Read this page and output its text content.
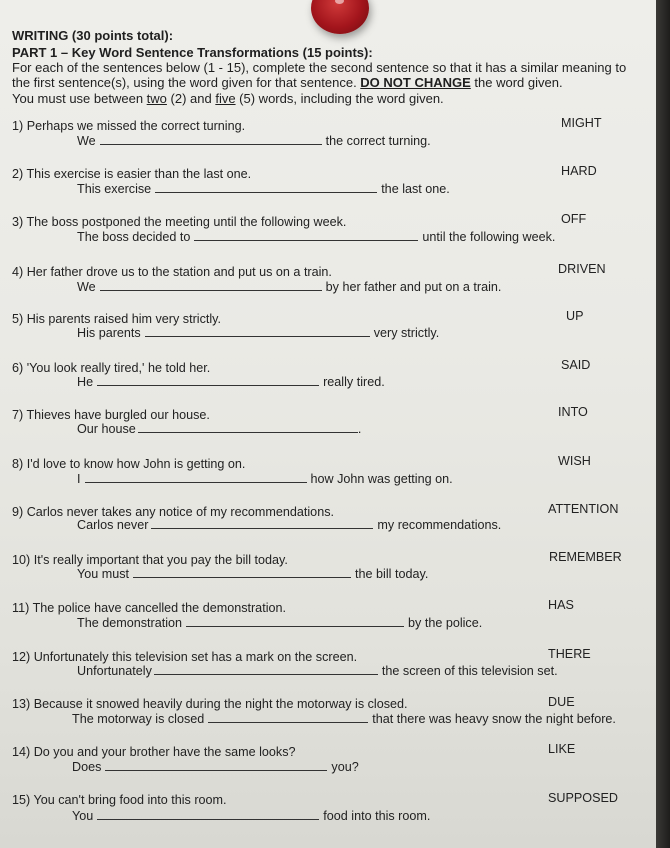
WRITING (30 points total):
PART 1 – Key Word Sentence Transformations (15 points):
For each of the sentences below (1 - 15), complete the second sentence so that it has a similar meaning to
the first sentence(s), using the word given for that sentence. DO NOT CHANGE the word given.
You must use between two (2) and five (5) words, including the word given.
1) Perhaps we missed the correct turning.	MIGHT
We	the correct turning.
2) This exercise is easier than the last one.	HARD
This exercise	the last one.
3) The boss postponed the meeting until the following week.	OFF
The boss decided to	until the following week.
4) Her father drove us to the station and put us on a train.	DRIVEN
We	by her father and put on a train.
5) His parents raised him very strictly.	UP
His parents	very strictly.
6) 'You look really tired,' he told her.	SAID
He	really tired.
7) Thieves have burgled our house.	INTO
Our house	.
8) I'd love to know how John is getting on.	WISH
I	how John was getting on.
9) Carlos never takes any notice of my recommendations.	ATTENTION
Carlos never	my recommendations.
10) It's really important that you pay the bill today.	REMEMBER
You must	the bill today.
11) The police have cancelled the demonstration.	HAS
The demonstration	by the police.
12) Unfortunately this television set has a mark on the screen.	THERE
Unfortunately	the screen of this television set.
13) Because it snowed heavily during the night the motorway is closed.	DUE
The motorway is closed	that there was heavy snow the night before.
14) Do you and your brother have the same looks?	LIKE
Does	you?
15) You can't bring food into this room.	SUPPOSED
You	food into this room.
